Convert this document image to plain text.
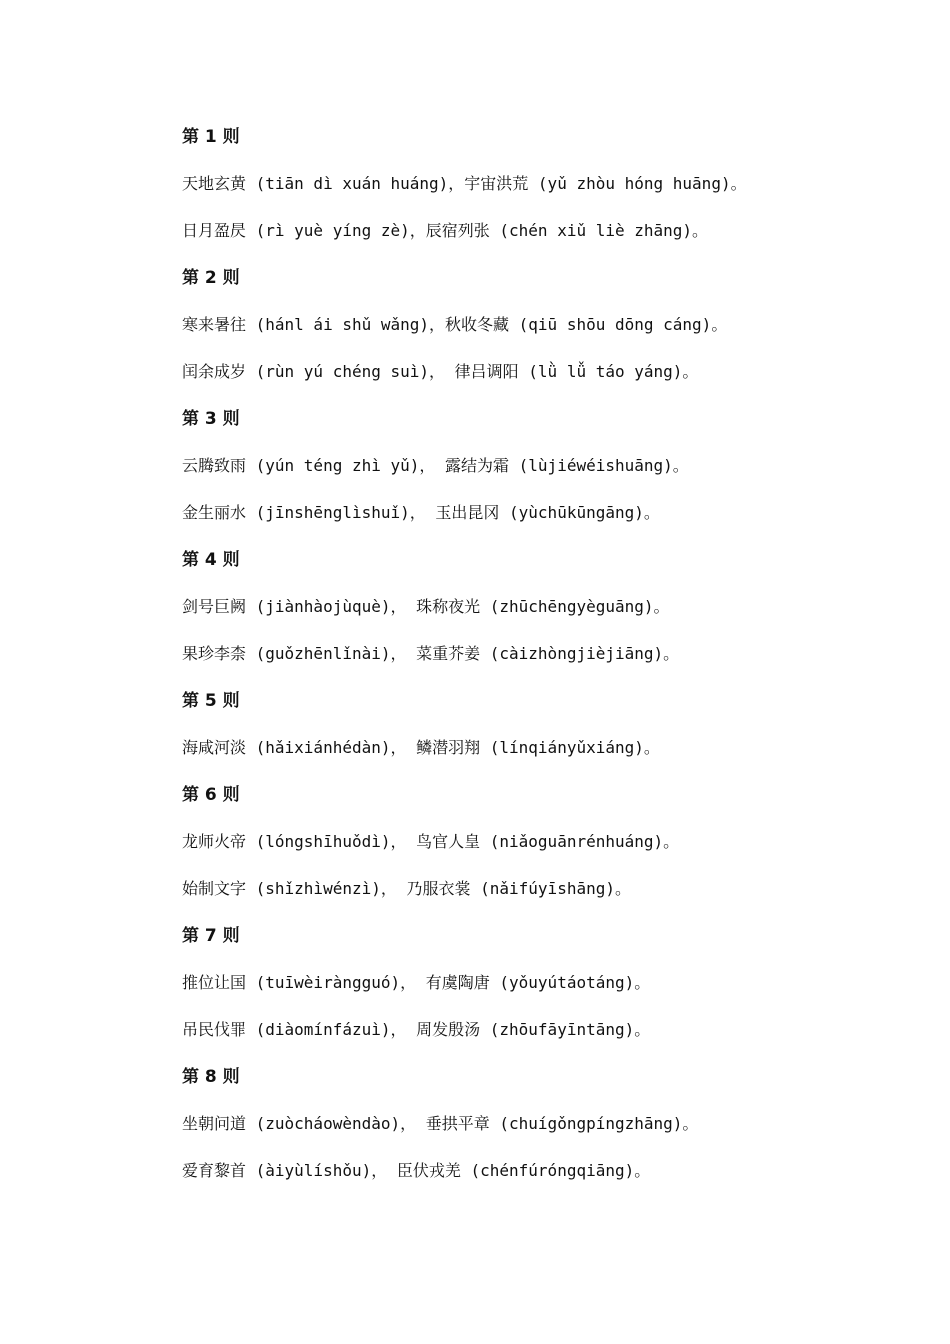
第 1 则
天地玄黄 (tiān dì xuán huáng)，宇宙洪荒 (yǔ zhòu hóng huāng)。
日月盈昃 (rì yuè yíng zè)，辰宿列张 (chén xiǔ liè zhāng)。
第 2 则
寒来暑往 (hánl ái shǔ wǎng)，秋收冬藏 (qiū shōu dōng cáng)。
闰余成岁 (rùn yú chéng suì)， 律吕调阳 (lǜ lǚ táo yáng)。
第 3 则
云腾致雨 (yún téng zhì yǔ)， 露结为霜 (lùjiéwéishuāng)。
金生丽水 (jīnshēnglìshuǐ)， 玉出昆冈 (yùchūkūngāng)。
第 4 则
剑号巨阙 (jiànhàojùquè)， 珠称夜光 (zhūchēngyèguāng)。
果珍李柰 (guǒzhēnlǐnài)， 菜重芥姜 (càizhòngjièjiāng)。
第 5 则
海咸河淡 (hǎixiánhédàn)， 鳞潜羽翔 (línqiányǔxiáng)。
第 6 则
龙师火帝 (lóngshīhuǒdì)， 鸟官人皇 (niǎoguānrénhuáng)。
始制文字 (shǐzhìwénzì)， 乃服衣裳 (nǎifúyīshāng)。
第 7 则
推位让国 (tuīwèiràngguó)， 有虞陶唐 (yǒuyútáotáng)。
吊民伐罪 (diàomínfázuì)， 周发殷汤 (zhōufāyīntāng)。
第 8 则
坐朝问道 (zuòcháowèndào)， 垂拱平章 (chuígǒngpíngzhāng)。
爱育黎首 (àiyùlíshǒu)， 臣伏戎羌 (chénfúróngqiāng)。
